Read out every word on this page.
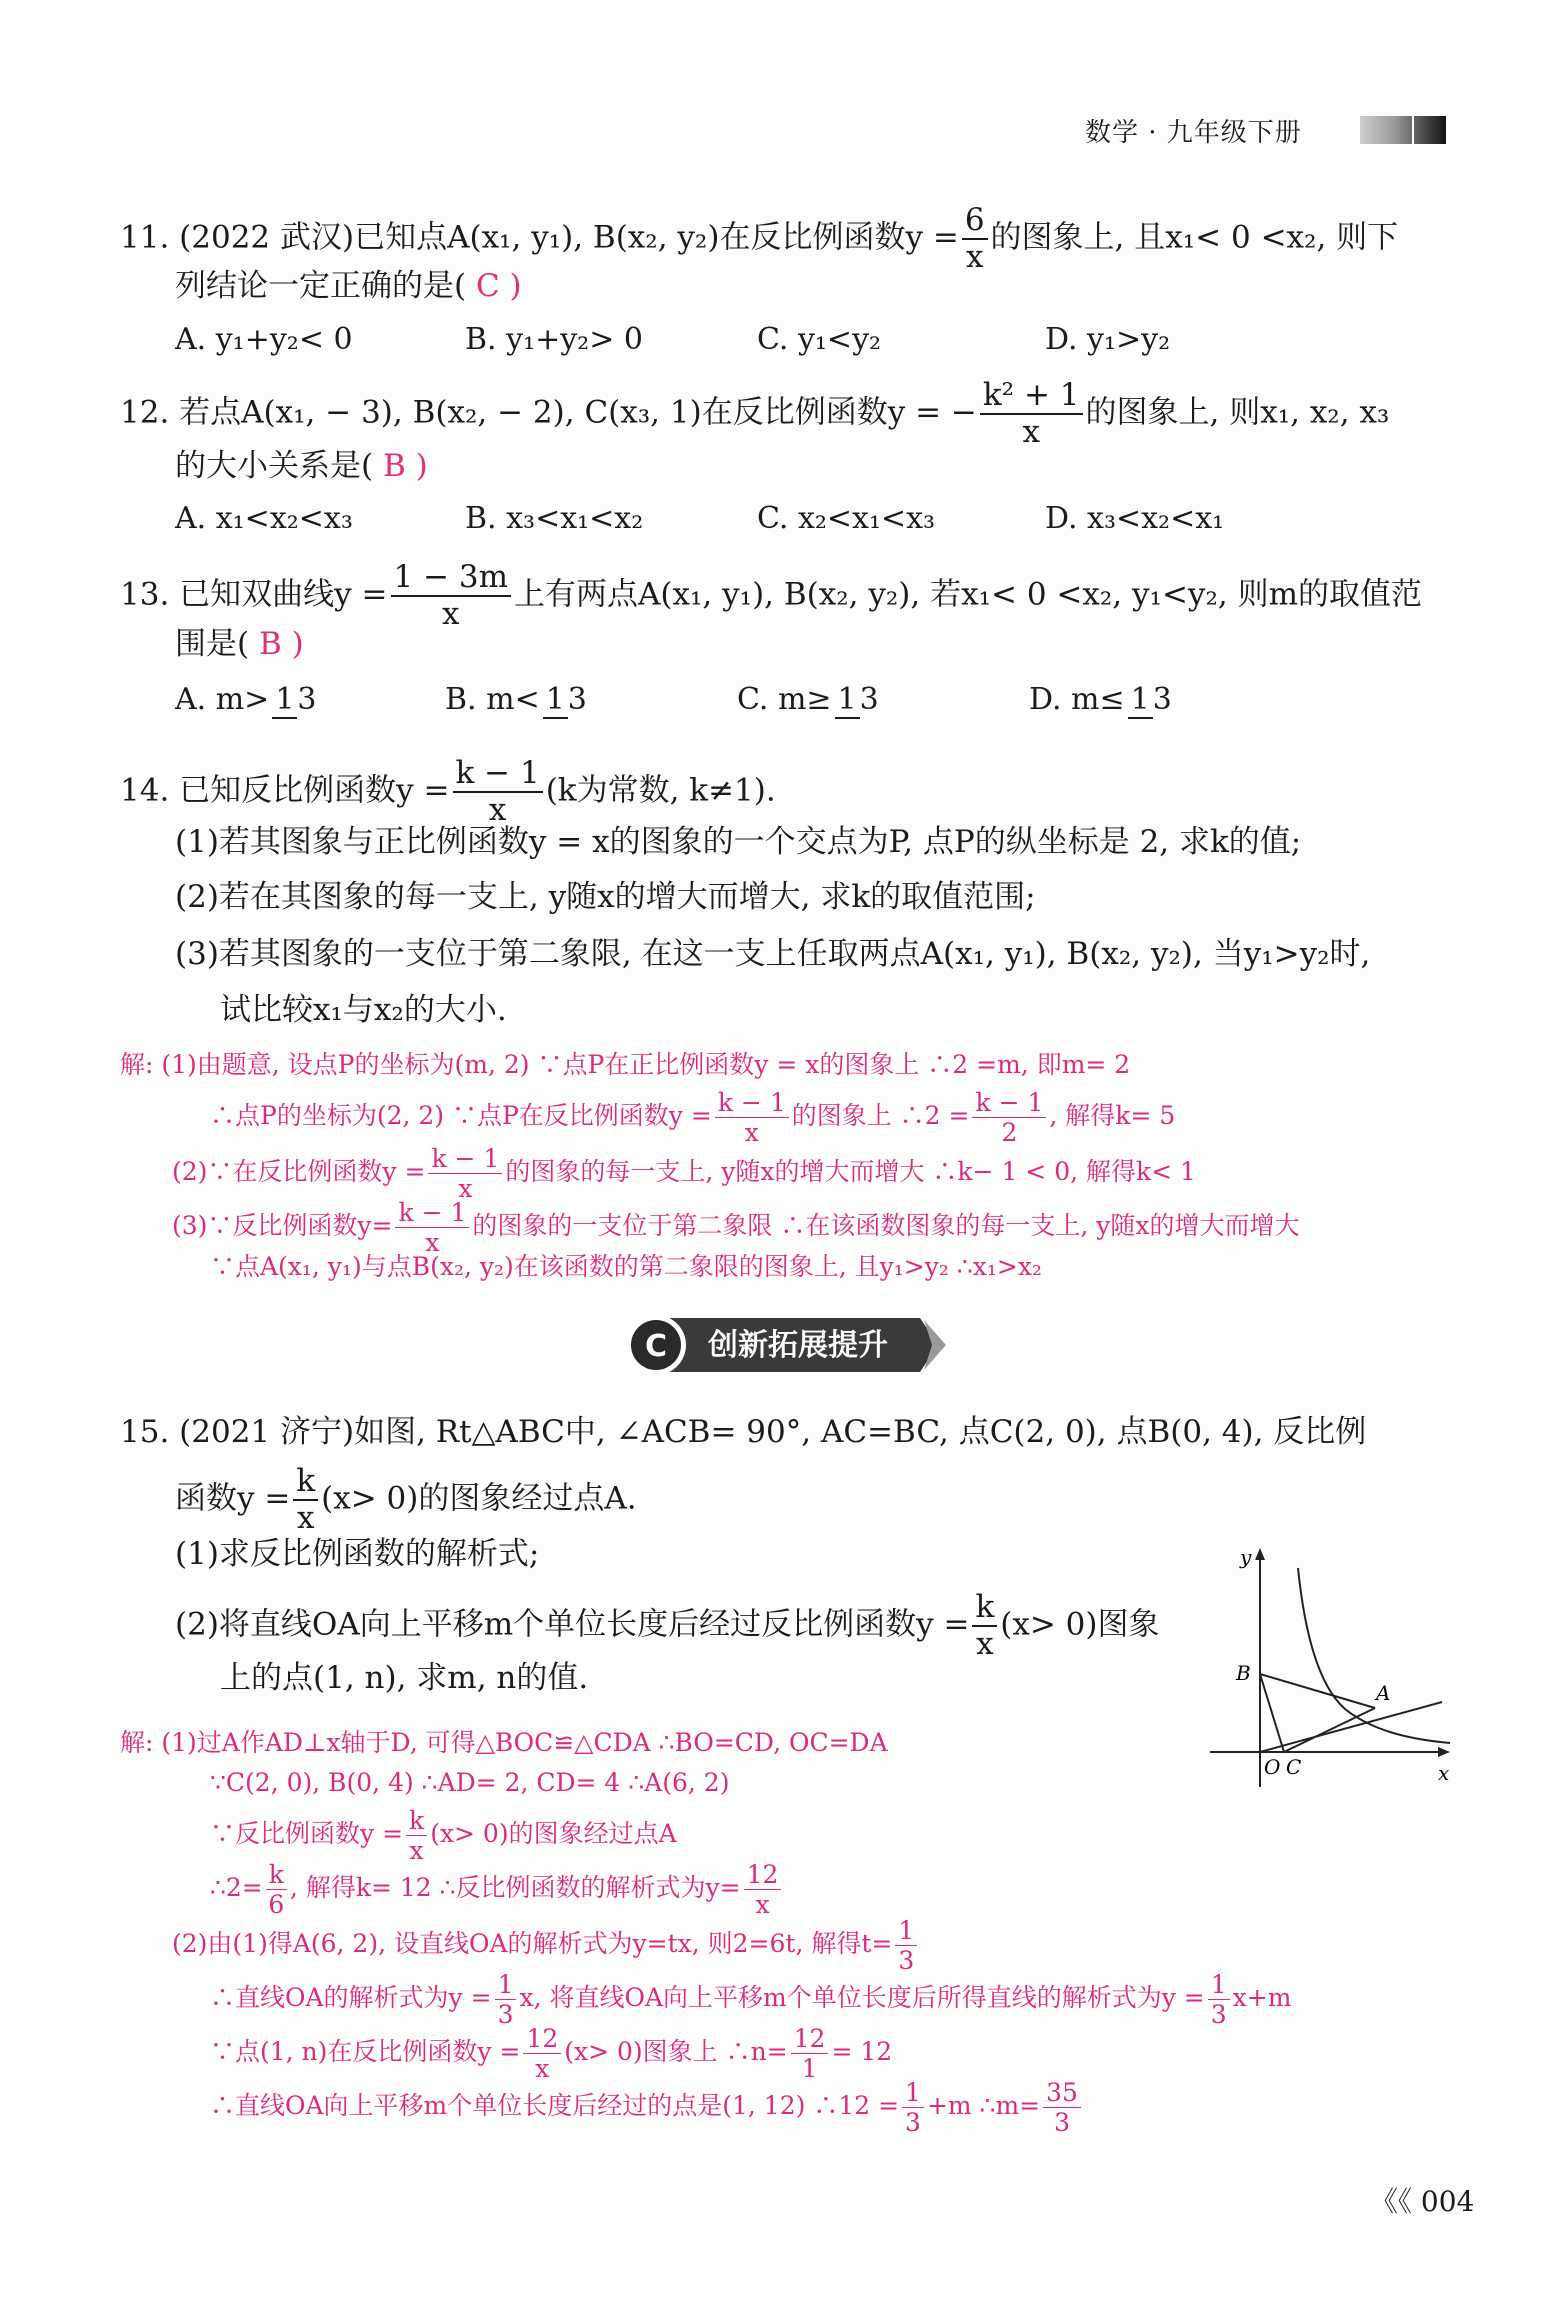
数学 · 九年级下册
11. (2022 武汉)已知点A(x₁, y₁), B(x₂, y₂)在反比例函数$y = \frac{6}{x}$ 的图象上, 且x₁< 0 <x₂, 则下
列结论一定正确的是( C )
A. y₁+y₂< 0	B. y₁+y₂> 0	C. y₁<y₂	D. y₁>y₂
12. 若点A(x₁, − 3), B(x₂, − 2), C(x₃, 1)在反比例函数y = − $\frac{\text{k² + 1}}{x}$ 的图象上, 则x₁, x₂, x₃
的大小关系是( B )
A. x₁<x₂<x₃	B. x₃<x₁<x₂	C. x₂<x₁<x₃	D. x₃<x₂<x₁
13. 已知双曲线$y = \frac{1 - 3m}{x}$ 上有两点A(x₁, y₁), B(x₂, y₂), 若x₁< 0 <x₂, y₁<y₂, 则m的取值范
围是( B )
A. m> 1 3	B. m< 1 3	C. m≥ 1 3	D. m≤ 1 3
14. 已知反比例函数$y = \frac{k - 1}{x} (k$为常数, k≠1).
(1)若其图象与正比例函数y = x的图象的一个交点为P, 点P的纵坐标是 2, 求k的值;
(2)若在其图象的每一支上, y随x的增大而增大, 求k的取值范围;
(3)若其图象的一支位于第二象限, 在这一支上任取两点A(x₁, y₁), B(x₂, y₂), 当y₁>y₂时,
试比较x₁与x₂的大小.
解: (1)由题意, 设点P的坐标为(m, 2) ∵点P在正比例函数y = x的图象上 ∴2 =m, 即m= 2
∴点P的坐标为(2, 2) ∵点P在反比例函数$y = \frac{k - 1}{x}$ 的图象上 ∴2 = $\frac{k - 1}{2}$ , 解得k= 5
(2)∵在反比例函数$y = \frac{k - 1}{x}$ 的图象的每一支上, y随x的增大而增大 ∴k− 1 < 0, 解得k< 1
(3)∵反比例函数$y= \frac{k - 1}{x}$ 的图象的一支位于第二象限 ∴在该函数图象的每一支上, y随x的增大而增大
∵点A(x₁, y₁)与点B(x₂, y₂)在该函数的第二象限的图象上, 且y₁>y₂ ∴x₁>x₂
C 创新拓展提升
15. (2021 济宁)如图, Rt△ABC中, ∠ACB= 90°, AC=BC, 点C(2, 0), 点B(0, 4), 反比例
函数$y = \frac{k}{x} (x> 0)$的图象经过点A.
(1)求反比例函数的解析式;
(2)将直线OA向上平移m个单位长度后经过反比例函数$y = \frac{k}{x} (x> 0)$图象
上的点(1, n), 求m, n的值.
y
x
B
A
O C
解: (1)过A作AD⊥x轴于D, 可得△BOC≌△CDA ∴BO=CD, OC=DA
∵C(2, 0), B(0, 4) ∴AD= 2, CD= 4 ∴A(6, 2)
∵反比例函数$y = \frac{k}{x} (x> 0)$的图象经过点A
∴2= $\frac{k}{6}$ , 解得k= 12 ∴反比例函数的解析式为$y= \frac{12}{x}$
(2)由(1)得A(6, 2), 设直线OA的解析式为y=tx, 则2=6t, 解得$t= \frac{1}{3}$
∴直线OA的解析式为$y = \frac{1}{3} x$, 将直线OA向上平移m个单位长度后所得直线的解析式为$y = \frac{1}{3} x+m$
∵点(1, n)在反比例函数$y = \frac{12}{x} (x> 0)$图象上 ∴n= $\frac{12}{1} = 12$
∴直线OA向上平移m个单位长度后经过的点是(1, 12) ∴12 = $\frac{1}{3} +m$ ∴m= $\frac{35}{3}$
《《 004
